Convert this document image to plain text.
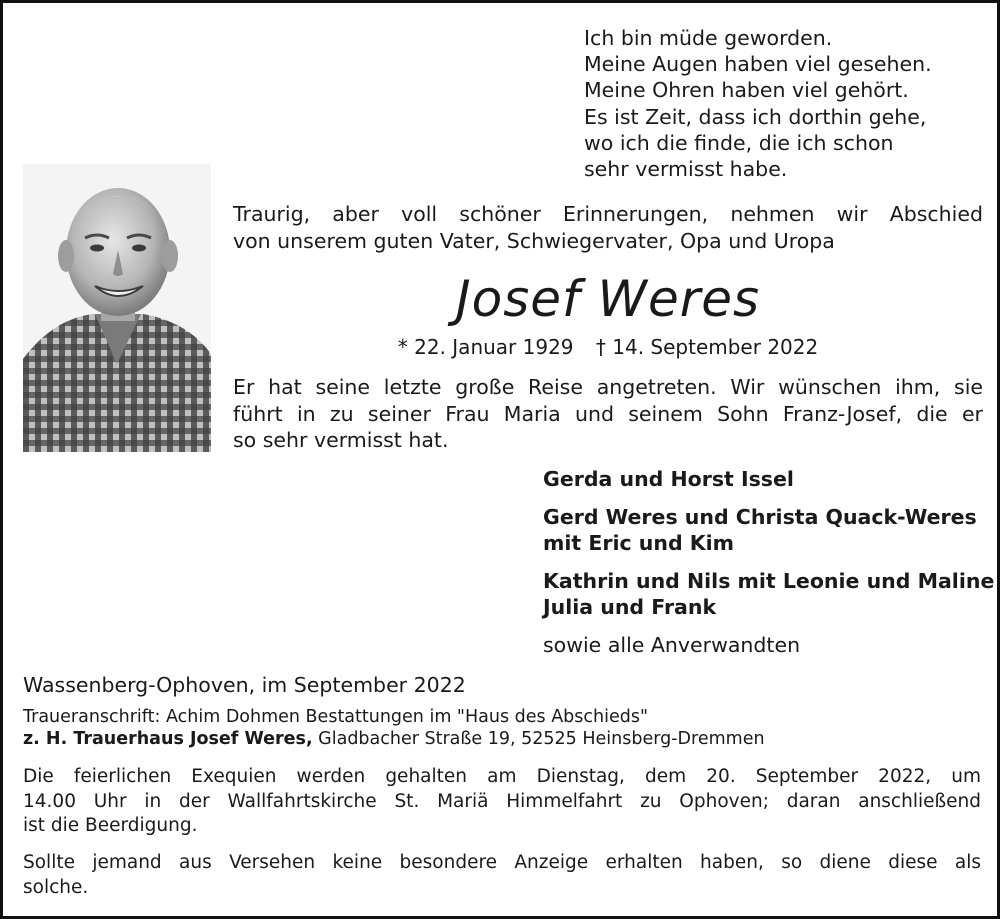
Ich bin müde geworden.
Meine Augen haben viel gesehen.
Meine Ohren haben viel gehört.
Es ist Zeit, dass ich dorthin gehe,
wo ich die finde, die ich schon
sehr vermisst habe.
Traurig, aber voll schöner Erinnerungen, nehmen wir Abschied
von unserem guten Vater, Schwiegervater, Opa und Uropa
Josef Weres
* 22. Januar 1929 † 14. September 2022
Er hat seine letzte große Reise angetreten. Wir wünschen ihm, sie
führt in zu seiner Frau Maria und seinem Sohn Franz-Josef, die er
so sehr vermisst hat.
Gerda und Horst Issel
Gerd Weres und Christa Quack-Weres
mit Eric und Kim
Kathrin und Nils mit Leonie und Maline
Julia und Frank
sowie alle Anverwandten
Wassenberg-Ophoven, im September 2022
Traueranschrift: Achim Dohmen Bestattungen im "Haus des Abschieds"
z. H. Trauerhaus Josef Weres, Gladbacher Straße 19, 52525 Heinsberg-Dremmen
Die feierlichen Exequien werden gehalten am Dienstag, dem 20. September 2022, um
14.00 Uhr in der Wallfahrtskirche St. Mariä Himmelfahrt zu Ophoven; daran anschließend
ist die Beerdigung.
Sollte jemand aus Versehen keine besondere Anzeige erhalten haben, so diene diese als
solche.
